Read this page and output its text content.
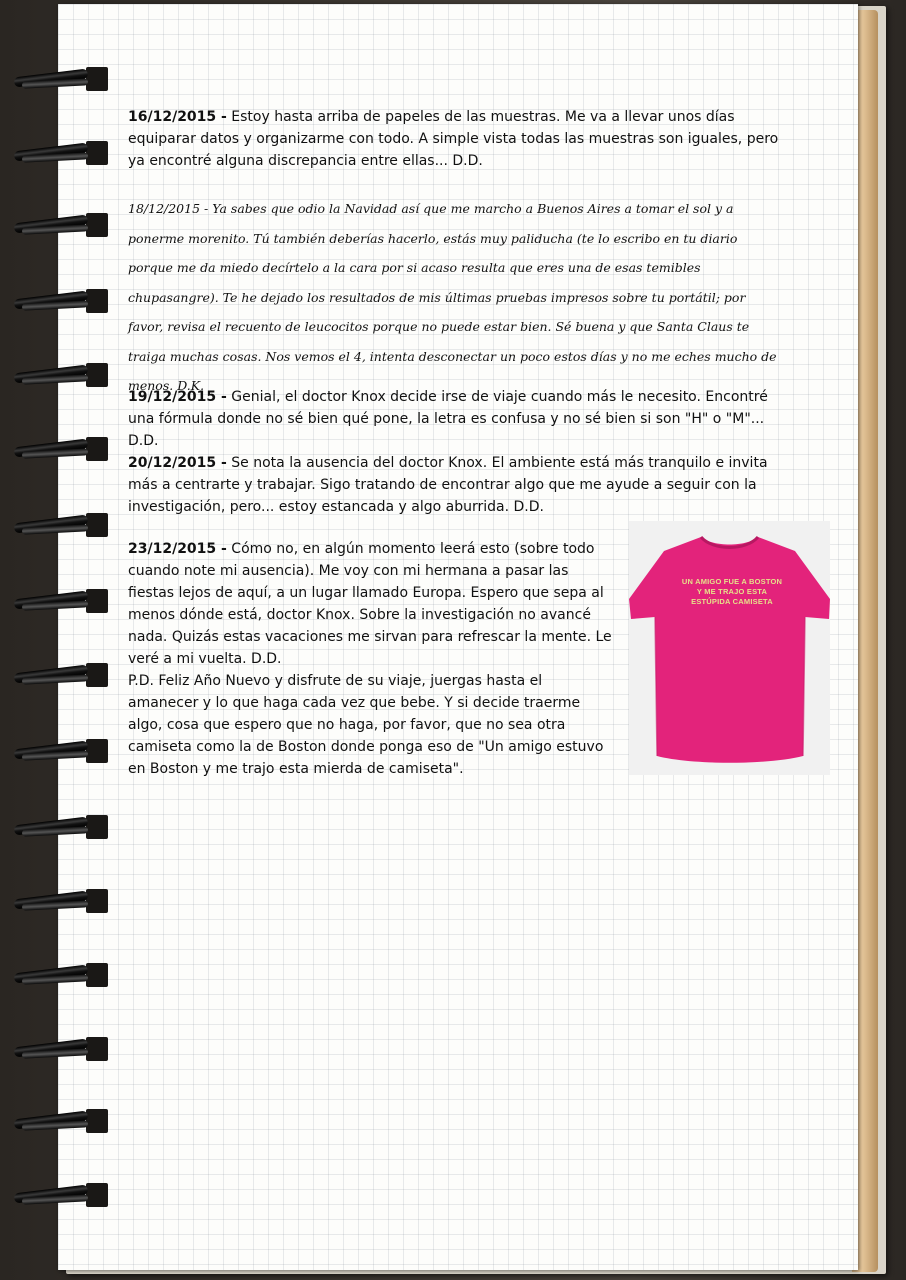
16/12/2015 - Estoy hasta arriba de papeles de las muestras. Me va a llevar unos días equiparar datos y organizarme con todo. A simple vista todas las muestras son iguales, pero ya encontré alguna discrepancia entre ellas... D.D.

18/12/2015 - Ya sabes que odio la Navidad así que me marcho a Buenos Aires a tomar el sol y a ponerme morenito. Tú también deberías hacerlo, estás muy paliducha (te lo escribo en tu diario porque me da miedo decírtelo a la cara por si acaso resulta que eres una de esas temibles chupasangre). Te he dejado los resultados de mis últimas pruebas impresos sobre tu portátil; por favor, revisa el recuento de leucocitos porque no puede estar bien. Sé buena y que Santa Claus te traiga muchas cosas. Nos vemos el 4, intenta desconectar un poco estos días y no me eches mucho de menos. D.K.

19/12/2015 - Genial, el doctor Knox decide irse de viaje cuando más le necesito. Encontré una fórmula donde no sé bien qué pone, la letra es confusa y no sé bien si son "H" o "M"... D.D.

20/12/2015 - Se nota la ausencia del doctor Knox. El ambiente está más tranquilo e invita más a centrarte y trabajar. Sigo tratando de encontrar algo que me ayude a seguir con la investigación, pero... estoy estancada y algo aburrida. D.D.

23/12/2015 - Cómo no, en algún momento leerá esto (sobre todo cuando note mi ausencia). Me voy con mi hermana a pasar las fiestas lejos de aquí, a un lugar llamado Europa. Espero que sepa al menos dónde está, doctor Knox. Sobre la investigación no avancé nada. Quizás estas vacaciones me sirvan para refrescar la mente. Le veré a mi vuelta. D.D.
P.D. Feliz Año Nuevo y disfrute de su viaje, juergas hasta el amanecer y lo que haga cada vez que bebe. Y si decide traerme algo, cosa que espero que no haga, por favor, que no sea otra camiseta como la de Boston donde ponga eso de "Un amigo estuvo en Boston y me trajo esta mierda de camiseta".

UN AMIGO FUE A BOSTON
Y ME TRAJO ESTA
ESTÚPIDA CAMISETA
